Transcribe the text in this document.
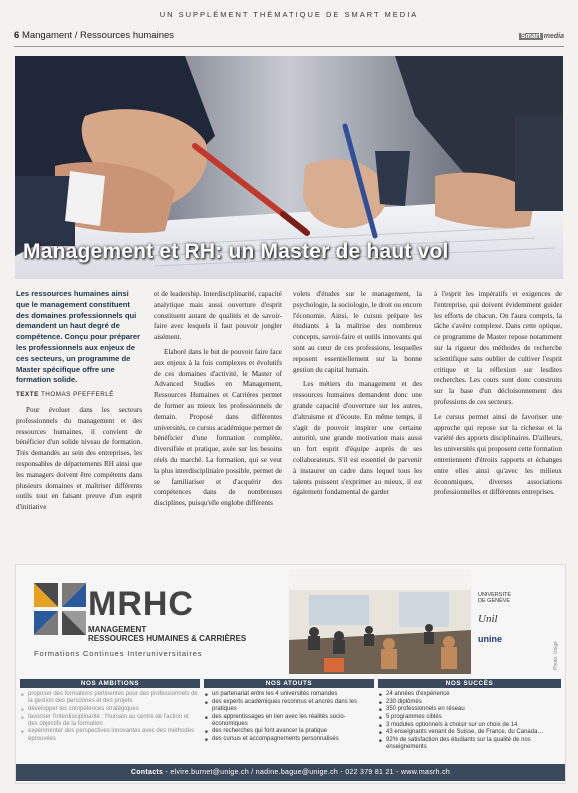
UN SUPPLÉMENT THÉMATIQUE DE SMART MEDIA
6 Mangament / Ressources humaines	Smart media
Management et RH: un Master de haut vol

Les ressources humaines ainsi que le management constituent des domaines professionnels qui demandent un haut degré de compétence. Conçu pour préparer les professionnels aux enjeux de ces secteurs, un programme de Master spécifique offre une formation solide.

TEXTE THOMAS PFEFFERLÉ

Pour évoluer dans les secteurs professionnels du management et des ressources humaines, il convient de bénéficier d'un solide niveau de formation. Très demandés au sein des entreprises, les responsables de départements RH ainsi que les managers doivent être compétents dans plusieurs domaines et maîtriser différents outils tout en faisant preuve d'un esprit d'initiative

et de leadership. Interdisciplinarité, capacité analytique mais aussi ouverture d'esprit constituent autant de qualités et de savoir-faire avec lesquels il faut pouvoir jongler aisément.

Elaboré dans le but de pouvoir faire face aux enjeux à la fois complexes et évolutifs de ces domaines d'activité, le Master of Advanced Studies en Management, Ressources Humaines et Carrières permet de former au mieux les professionnels de demain. Proposé dans différentes universités, ce cursus académique permet de bénéficier d'une formation complète, diversifiée et pratique, axée sur les besoins réels du marché. La formation, qui se veut la plus interdisciplinaire possible, permet de se familiariser et d'acquérir des compétences dans de nombreuses disciplines, puisqu'elle englobe différents

volets d'études sur le management, la psychologie, la sociologie, le droit ou encore l'économie. Ainsi, le cursus prépare les étudiants à la maîtrise des nombreux concepts, savoir-faire et outils innovants qui sont au cœur de ces professions, lesquelles reposent essentiellement sur la bonne gestion du capital humain.

Les métiers du management et des ressources humaines demandent donc une grande capacité d'ouverture sur les autres, d'altruisme et d'écoute. En même temps, il s'agit de pouvoir inspirer une certaine autorité, une grande motivation mais aussi un fort esprit d'équipe auprès de ses collaborateurs. S'il est essentiel de parvenir à instaurer un cadre dans lequel tous les talents puissent s'exprimer au mieux, il est également fondamental de garder

à l'esprit les impératifs et exigences de l'entreprise, qui doivent évidemment guider les efforts de chacun. On l'aura compris, la tâche s'avère complexe. Dans cette optique, ce programme de Master repose notamment sur la rigueur des méthodes de recherche scientifique sans oublier de cultiver l'esprit critique et la réflexion sur lesdites recherches. Les cours sont donc construits sur la base d'un décloisonnement des professions de ces secteurs.

Le cursus permet ainsi de favoriser une approche qui repose sur la richesse et la variété des apports disciplinaires. D'ailleurs, les universités qui proposent cette formation entretiennent d'étroits rapports et échanges entre elles ainsi qu'avec les milieux économiques, diverses associations professionnelles et différentes entreprises.

MRHC
MANAGEMENT
RESSOURCES HUMAINES & CARRIÈRES
Formations Continues Interuniversitaires
UNIVERSITÉ
DE GENÈVE
Unil
unine
Photo: Unige
NOS AMBITIONS
■ proposer des formations pertinentes pour des professionnels de la gestion des personnes et des projets
■ développer les compétences stratégiques
■ favoriser l'interdisciplinarité : l'humain au centre de l'action et des objectifs de la formation
■ expérimenter des perspectives innovantes avec des méthodes éprouvées
NOS ATOUTS
■ un partenariat entre les 4 universités romandes
■ des experts académiques reconnus et ancrés dans les pratiques
■ des apprentissages en lien avec les réalités socio-économiques
■ des recherches qui font avancer la pratique
■ des cursus et accompagnements personnalisés
NOS SUCCÈS
■ 24 années d'expérience
■ 230 diplômés
■ 350 professionnels en réseau
■ 5 programmes ciblés
■ 3 modules optionnels à choisir sur un choix de 14
■ 43 enseignants venant de Suisse, de France, du Canada…
■ 92% de satisfaction des étudiants sur la qualité de nos enseignements
Contacts - elvire.burnet@unige.ch / nadine.bague@unige.ch - 022 379 81 21 - www.masrh.ch
